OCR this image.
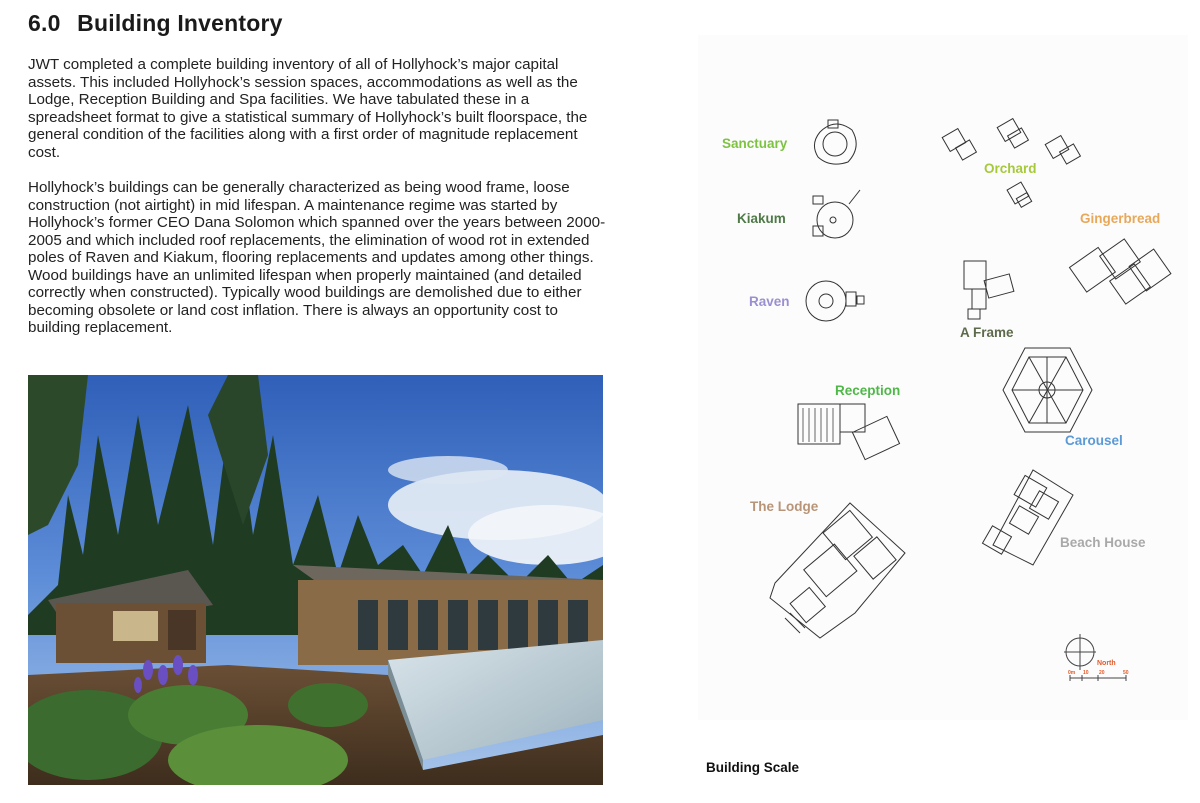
6.0 Building Inventory

JWT completed a complete building inventory of all of Hollyhock’s major capital assets. This included Hollyhock’s session spaces, accommodations as well as the Lodge, Reception Building and Spa facilities. We have tabulated these in a spreadsheet format to give a statistical summary of Hollyhock’s built floorspace, the general condition of the facilities along with a first order of magnitude replacement cost.

Hollyhock’s buildings can be generally characterized as being wood frame, loose construction (not airtight) in mid lifespan. A maintenance regime was started by Hollyhock’s former CEO Dana Solomon which spanned over the years between 2000-2005 and which included roof replacements, the elimination of wood rot in extended poles of Raven and Kiakum, flooring replacements and updates among other things. Wood buildings have an unlimited lifespan when properly maintained (and detailed correctly when constructed). Typically wood buildings are demolished due to either becoming obsolete or land cost inflation. There is always an opportunity cost to building replacement.

Sanctuary
Orchard
Kiakum	Gingerbread
Raven
A Frame
Reception
Carousel
The Lodge
Beach House
North
0m 10 20	50
Building Scale
